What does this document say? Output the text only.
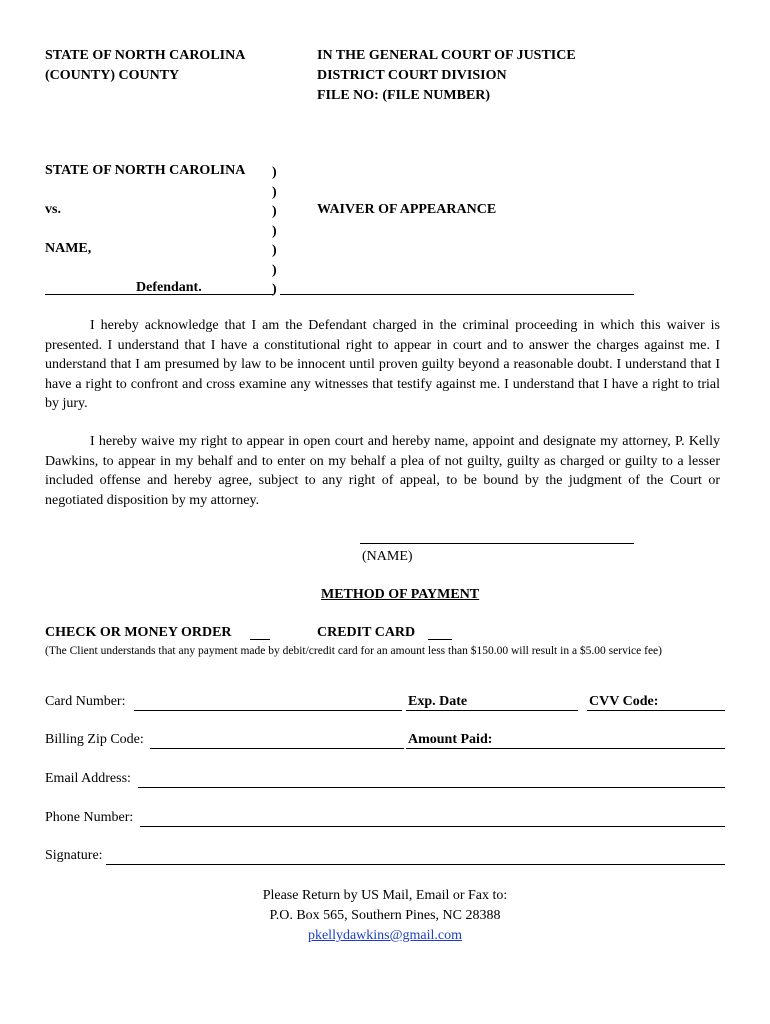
STATE OF NORTH CAROLINA
(COUNTY) COUNTY
IN THE GENERAL COURT OF JUSTICE
DISTRICT COURT DIVISION
FILE NO: (FILE NUMBER)
STATE OF NORTH CAROLINA
vs.
NAME,
Defendant.
)
)
)
)
)
)
)
WAIVER OF APPEARANCE
I hereby acknowledge that I am the Defendant charged in the criminal proceeding in which this waiver is presented. I understand that I have a constitutional right to appear in court and to answer the charges against me. I understand that I am presumed by law to be innocent until proven guilty beyond a reasonable doubt. I understand that I have a right to confront and cross examine any witnesses that testify against me. I understand that I have a right to trial by jury.
I hereby waive my right to appear in open court and hereby name, appoint and designate my attorney, P. Kelly Dawkins, to appear in my behalf and to enter on my behalf a plea of not guilty, guilty as charged or guilty to a lesser included offense and hereby agree, subject to any right of appeal, to be bound by the judgment of the Court or negotiated disposition by my attorney.
(NAME)
METHOD OF PAYMENT
CHECK OR MONEY ORDER	CREDIT CARD
(The Client understands that any payment made by debit/credit card for an amount less than $150.00 will result in a $5.00 service fee)
Card Number:	Exp. Date	CVV Code:
Billing Zip Code:	Amount Paid:
Email Address:
Phone Number:
Signature:
Please Return by US Mail, Email or Fax to:
P.O. Box 565, Southern Pines, NC 28388
pkellydawkins@gmail.com
